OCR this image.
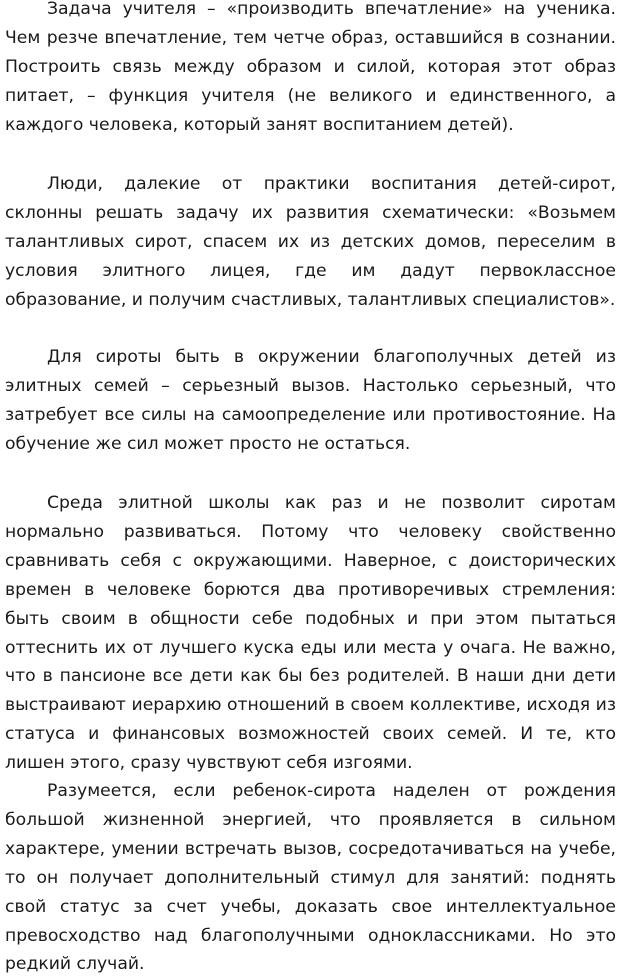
Задача учителя – «производить впечатление» на ученика. Чем резче впечатление, тем четче образ, оставшийся в сознании. Построить связь между образом и силой, которая этот образ питает, – функция учителя (не великого и единственного, а каждого человека, который занят воспитанием детей).

Люди, далекие от практики воспитания детей-сирот, склонны решать задачу их развития схематически: «Возьмем талантливых сирот, спасем их из детских домов, переселим в условия элитного лицея, где им дадут первоклассное образование, и получим счастливых, талантливых специалистов».

Для сироты быть в окружении благополучных детей из элитных семей – серьезный вызов. Настолько серьезный, что затребует все силы на самоопределение или противостояние. На обучение же сил может просто не остаться.

Среда элитной школы как раз и не позволит сиротам нормально развиваться. Потому что человеку свойственно сравнивать себя с окружающими. Наверное, с доисторических времен в человеке борются два противоречивых стремления: быть своим в общности себе подобных и при этом пытаться оттеснить их от лучшего куска еды или места у очага. Не важно, что в пансионе все дети как бы без родителей. В наши дни дети выстраивают иерархию отношений в своем коллективе, исходя из статуса и финансовых возможностей своих семей. И те, кто лишен этого, сразу чувствуют себя изгоями.

Разумеется, если ребенок-сирота наделен от рождения большой жизненной энергией, что проявляется в сильном характере, умении встречать вызов, сосредотачиваться на учебе, то он получает дополнительный стимул для занятий: поднять свой статус за счет учебы, доказать свое интеллектуальное превосходство над благополучными одноклассниками. Но это редкий случай.
